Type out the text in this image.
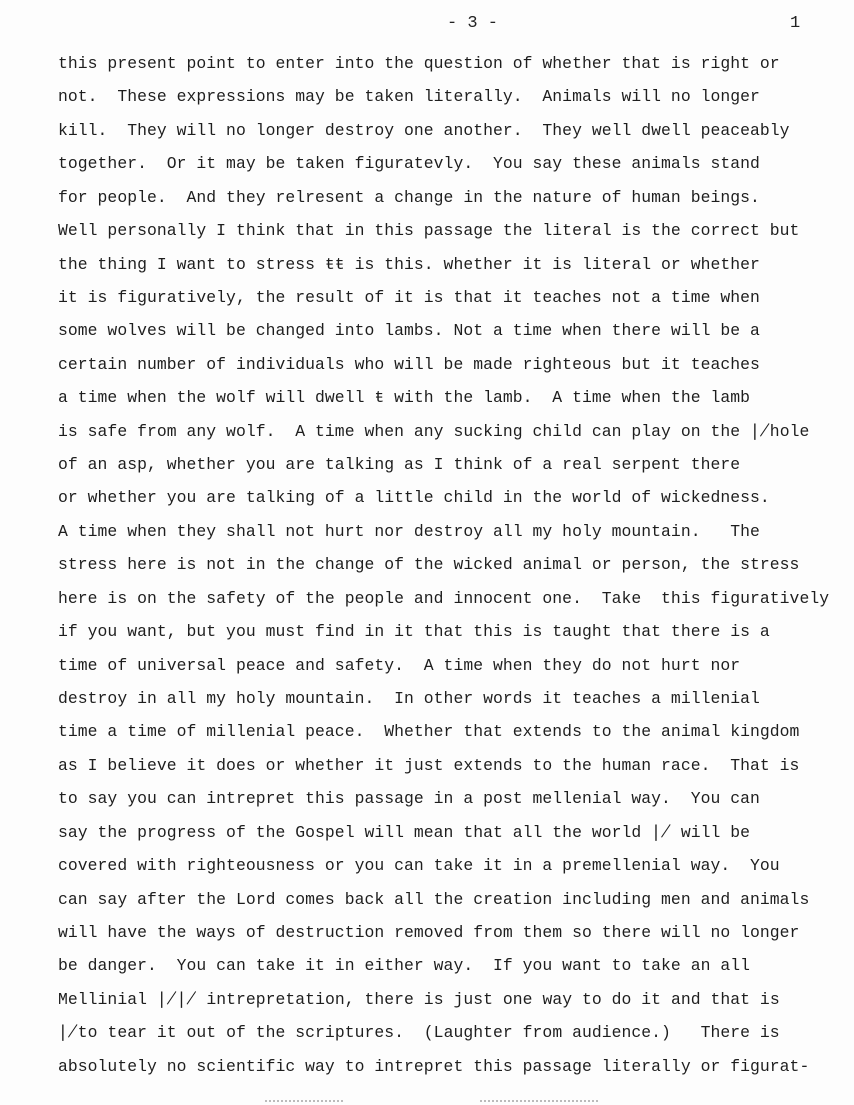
- 3 -	1
this present point to enter into the question of whether that is right or
not.  These expressions may be taken literally.  Animals will no longer
kill.  They will no longer destroy one another.  They well dwell peaceably
together.  Or it may be taken figuratevly.  You say these animals stand
for people.  And they relresent a change in the nature of human beings.
Well personally I think that in this passage the literal is the correct but
the thing I want to stress ŧŧ is this. whether it is literal or whether
it is figuratively, the result of it is that it teaches not a time when
some wolves will be changed into lambs. Not a time when there will be a
certain number of individuals who will be made righteous but it teaches
a time when the wolf will dwell ŧ with the lamb.  A time when the lamb
is safe from any wolf.  A time when any sucking child can play on the ∤hole
of an asp, whether you are talking as I think of a real serpent there
or whether you are talking of a little child in the world of wickedness.
A time when they shall not hurt nor destroy all my holy mountain.   The
stress here is not in the change of the wicked animal or person, the stress
here is on the safety of the people and innocent one.  Take  this figuratively
if you want, but you must find in it that this is taught that there is a
time of universal peace and safety.  A time when they do not hurt nor
destroy in all my holy mountain.  In other words it teaches a millenial
time a time of millenial peace.  Whether that extends to the animal kingdom
as I believe it does or whether it just extends to the human race.  That is
to say you can intrepret this passage in a post mellenial way.  You can
say the progress of the Gospel will mean that all the world ∤ will be
covered with righteousness or you can take it in a premellenial way.  You
can say after the Lord comes back all the creation including men and animals
will have the ways of destruction removed from them so there will no longer
be danger.  You can take it in either way.  If you want to take an all
Mellinial ∤∤ intrepretation, there is just one way to do it and that is
∤to tear it out of the scriptures.  (Laughter from audience.)   There is
absolutely no scientific way to intrepret this passage literally or figurat-
